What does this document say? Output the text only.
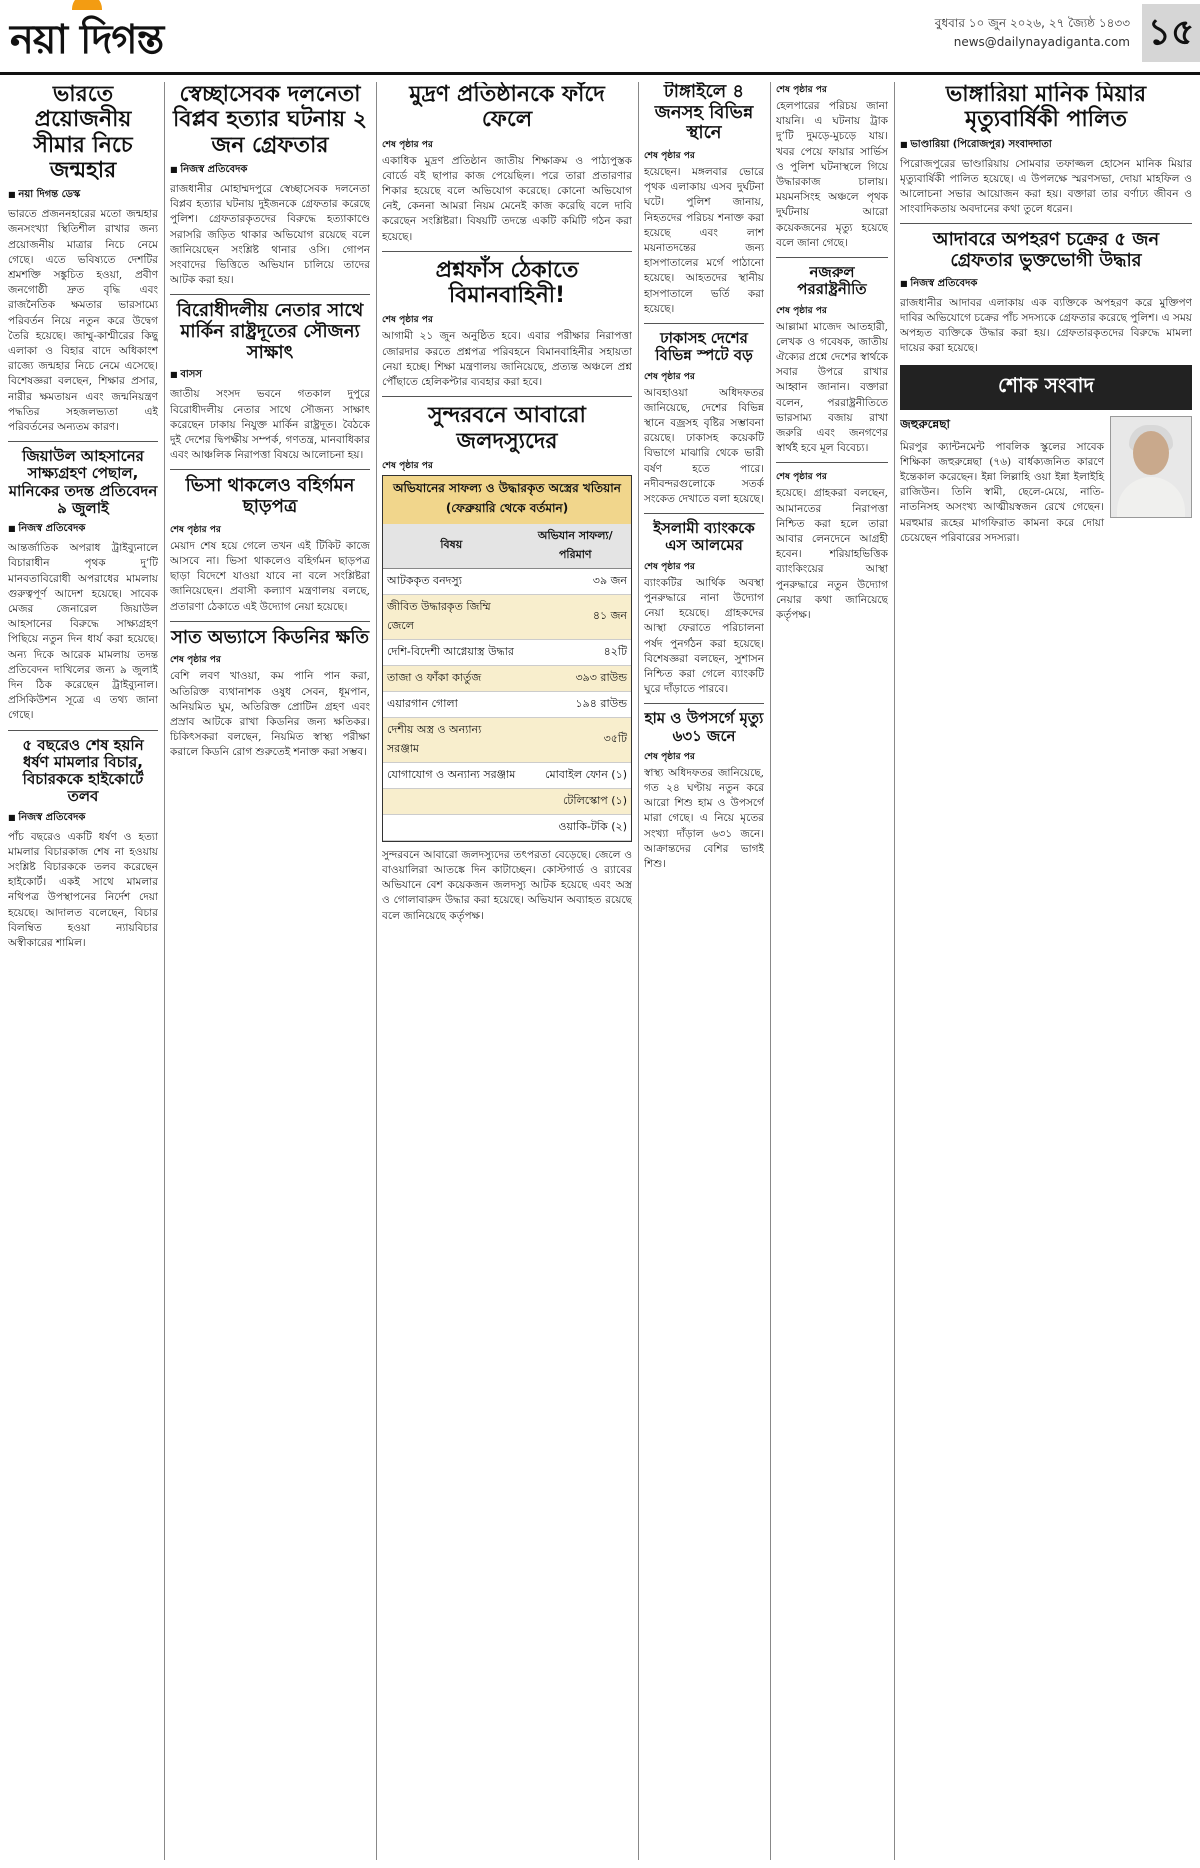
নয়া দিগন্ত	বুধবার ১০ জুন ২০২৬, ২৭ জ্যৈষ্ঠ ১৪৩৩
news@dailynayadiganta.com ১৫
ভারতে প্রয়োজনীয় সীমার নিচে জন্মহার
■ নয়া দিগন্ত ডেস্ক

ভারতে প্রজননহারের মতো জন্মহার জনসংখ্যা স্থিতিশীল রাখার জন্য প্রয়োজনীয় মাত্রার নিচে নেমে গেছে। এতে ভবিষ্যতে দেশটির শ্রমশক্তি সঙ্কুচিত হওয়া, প্রবীণ জনগোষ্ঠী দ্রুত বৃদ্ধি এবং রাজনৈতিক ক্ষমতার ভারসাম্যে পরিবর্তন নিয়ে নতুন করে উদ্বেগ তৈরি হয়েছে। জাম্মু-কাশ্মীরের কিছু এলাকা ও বিহার বাদে অধিকাংশ রাজ্যে জন্মহার নিচে নেমে এসেছে। বিশেষজ্ঞরা বলছেন, শিক্ষার প্রসার, নারীর ক্ষমতায়ন এবং জন্মনিয়ন্ত্রণ পদ্ধতির সহজলভ্যতা এই পরিবর্তনের অন্যতম কারণ।

জিয়াউল আহসানের সাক্ষ্যগ্রহণ পেছাল, মানিকের তদন্ত প্রতিবেদন ৯ জুলাই
■ নিজস্ব প্রতিবেদক

আন্তর্জাতিক অপরাধ ট্রাইব্যুনালে বিচারাধীন পৃথক দু’টি মানবতাবিরোধী অপরাধের মামলায় গুরুত্বপূর্ণ আদেশ হয়েছে। সাবেক মেজর জেনারেল জিয়াউল আহসানের বিরুদ্ধে সাক্ষ্যগ্রহণ পিছিয়ে নতুন দিন ধার্য করা হয়েছে। অন্য দিকে আরেক মামলায় তদন্ত প্রতিবেদন দাখিলের জন্য ৯ জুলাই দিন ঠিক করেছেন ট্রাইব্যুনাল। প্রসিকিউশন সূত্রে এ তথ্য জানা গেছে।

৫ বছরেও শেষ হয়নি ধর্ষণ মামলার বিচার, বিচারককে হাইকোর্টে তলব
■ নিজস্ব প্রতিবেদক

পাঁচ বছরেও একটি ধর্ষণ ও হত্যা মামলার বিচারকাজ শেষ না হওয়ায় সংশ্লিষ্ট বিচারককে তলব করেছেন হাইকোর্ট। একই সাথে মামলার নথিপত্র উপস্থাপনের নির্দেশ দেয়া হয়েছে। আদালত বলেছেন, বিচার বিলম্বিত হওয়া ন্যায়বিচার অস্বীকারের শামিল।

স্বেচ্ছাসেবক দলনেতা বিপ্লব হত্যার ঘটনায় ২ জন গ্রেফতার
■ নিজস্ব প্রতিবেদক

রাজধানীর মোহাম্মদপুরে স্বেচ্ছাসেবক দলনেতা বিপ্লব হত্যার ঘটনায় দুইজনকে গ্রেফতার করেছে পুলিশ। গ্রেফতারকৃতদের বিরুদ্ধে হত্যাকাণ্ডে সরাসরি জড়িত থাকার অভিযোগ রয়েছে বলে জানিয়েছেন সংশ্লিষ্ট থানার ওসি। গোপন সংবাদের ভিত্তিতে অভিযান চালিয়ে তাদের আটক করা হয়।

বিরোধীদলীয় নেতার সাথে মার্কিন রাষ্ট্রদূতের সৌজন্য সাক্ষাৎ
■ বাসস

জাতীয় সংসদ ভবনে গতকাল দুপুরে বিরোধীদলীয় নেতার সাথে সৌজন্য সাক্ষাৎ করেছেন ঢাকায় নিযুক্ত মার্কিন রাষ্ট্রদূত। বৈঠকে দুই দেশের দ্বিপক্ষীয় সম্পর্ক, গণতন্ত্র, মানবাধিকার এবং আঞ্চলিক নিরাপত্তা বিষয়ে আলোচনা হয়।

ভিসা থাকলেও বহির্গমন ছাড়পত্র
শেষ পৃষ্ঠার পর

মেয়াদ শেষ হয়ে গেলে তখন এই টিকিট কাজে আসবে না। ভিসা থাকলেও বহির্গমন ছাড়পত্র ছাড়া বিদেশে যাওয়া যাবে না বলে সংশ্লিষ্টরা জানিয়েছেন। প্রবাসী কল্যাণ মন্ত্রণালয় বলছে, প্রতারণা ঠেকাতে এই উদ্যোগ নেয়া হয়েছে।

সাত অভ্যাসে কিডনির ক্ষতি
শেষ পৃষ্ঠার পর

বেশি লবণ খাওয়া, কম পানি পান করা, অতিরিক্ত ব্যথানাশক ওষুধ সেবন, ধূমপান, অনিয়মিত ঘুম, অতিরিক্ত প্রোটিন গ্রহণ এবং প্রস্রাব আটকে রাখা কিডনির জন্য ক্ষতিকর। চিকিৎসকরা বলছেন, নিয়মিত স্বাস্থ্য পরীক্ষা করালে কিডনি রোগ শুরুতেই শনাক্ত করা সম্ভব।

মুদ্রণ প্রতিষ্ঠানকে ফাঁদে ফেলে
শেষ পৃষ্ঠার পর

একাধিক মুদ্রণ প্রতিষ্ঠান জাতীয় শিক্ষাক্রম ও পাঠ্যপুস্তক বোর্ডে বই ছাপার কাজ পেয়েছিল। পরে তারা প্রতারণার শিকার হয়েছে বলে অভিযোগ করেছে। কোনো অভিযোগ নেই, কেননা আমরা নিয়ম মেনেই কাজ করেছি বলে দাবি করেছেন সংশ্লিষ্টরা। বিষয়টি তদন্তে একটি কমিটি গঠন করা হয়েছে।

প্রশ্নফাঁস ঠেকাতে বিমানবাহিনী!
শেষ পৃষ্ঠার পর

আগামী ২১ জুন অনুষ্ঠিত হবে। এবার পরীক্ষার নিরাপত্তা জোরদার করতে প্রশ্নপত্র পরিবহনে বিমানবাহিনীর সহায়তা নেয়া হচ্ছে। শিক্ষা মন্ত্রণালয় জানিয়েছে, প্রত্যন্ত অঞ্চলে প্রশ্ন পৌঁছাতে হেলিকপ্টার ব্যবহার করা হবে।

সুন্দরবনে আবারো জলদস্যুদের
শেষ পৃষ্ঠার পর
অভিযানের সাফল্য ও উদ্ধারকৃত অস্ত্রের খতিয়ান (ফেব্রুয়ারি থেকে বর্তমান)
বিষয়	অভিযান সাফল্য/পরিমাণ
আটককৃত বনদস্যু	৩৯ জন
জীবিত উদ্ধারকৃত জিম্মি জেলে	৪১ জন
দেশি-বিদেশী আগ্নেয়াস্ত্র উদ্ধার	৪২টি
তাজা ও ফাঁকা কার্তুজ	৩৯৩ রাউন্ড
এয়ারগান গোলা	১৯৪ রাউন্ড
দেশীয় অস্ত্র ও অন্যান্য সরঞ্জাম	৩৫টি
যোগাযোগ ও অন্যান্য সরঞ্জাম	মোবাইল ফোন (১)
	টেলিস্কোপ (১)
	ওয়াকি-টকি (২)

সুন্দরবনে আবারো জলদস্যুদের তৎপরতা বেড়েছে। জেলে ও বাওয়ালিরা আতঙ্কে দিন কাটাচ্ছেন। কোস্টগার্ড ও র‌্যাবের অভিযানে বেশ কয়েকজন জলদস্যু আটক হয়েছে এবং অস্ত্র ও গোলাবারুদ উদ্ধার করা হয়েছে। অভিযান অব্যাহত রয়েছে বলে জানিয়েছে কর্তৃপক্ষ।

টাঙ্গাইলে ৪ জনসহ বিভিন্ন স্থানে
শেষ পৃষ্ঠার পর

হয়েছেন। মঙ্গলবার ভোরে পৃথক এলাকায় এসব দুর্ঘটনা ঘটে। পুলিশ জানায়, নিহতদের পরিচয় শনাক্ত করা হয়েছে এবং লাশ ময়নাতদন্তের জন্য হাসপাতালের মর্গে পাঠানো হয়েছে। আহতদের স্থানীয় হাসপাতালে ভর্তি করা হয়েছে।

ঢাকাসহ দেশের বিভিন্ন স্পটে বড়
শেষ পৃষ্ঠার পর

আবহাওয়া অধিদফতর জানিয়েছে, দেশের বিভিন্ন স্থানে বজ্রসহ বৃষ্টির সম্ভাবনা রয়েছে। ঢাকাসহ কয়েকটি বিভাগে মাঝারি থেকে ভারী বর্ষণ হতে পারে। নদীবন্দরগুলোকে সতর্ক সংকেত দেখাতে বলা হয়েছে।

ইসলামী ব্যাংককে এস আলমের
শেষ পৃষ্ঠার পর

ব্যাংকটির আর্থিক অবস্থা পুনরুদ্ধারে নানা উদ্যোগ নেয়া হয়েছে। গ্রাহকদের আস্থা ফেরাতে পরিচালনা পর্ষদ পুনর্গঠন করা হয়েছে। বিশেষজ্ঞরা বলছেন, সুশাসন নিশ্চিত করা গেলে ব্যাংকটি ঘুরে দাঁড়াতে পারবে।

হাম ও উপসর্গে মৃত্যু ৬৩১ জনে
শেষ পৃষ্ঠার পর

স্বাস্থ্য অধিদফতর জানিয়েছে, গত ২৪ ঘণ্টায় নতুন করে আরো শিশু হাম ও উপসর্গে মারা গেছে। এ নিয়ে মৃতের সংখ্যা দাঁড়াল ৬৩১ জনে। আক্রান্তদের বেশির ভাগই শিশু।

শেষ পৃষ্ঠার পর

হেলপারের পরিচয় জানা যায়নি। এ ঘটনায় ট্রাক দু’টি দুমড়ে-মুচড়ে যায়। খবর পেয়ে ফায়ার সার্ভিস ও পুলিশ ঘটনাস্থলে গিয়ে উদ্ধারকাজ চালায়। ময়মনসিংহ অঞ্চলে পৃথক দুর্ঘটনায় আরো কয়েকজনের মৃত্যু হয়েছে বলে জানা গেছে।

নজরুল পররাষ্ট্রনীতি
শেষ পৃষ্ঠার পর

আল্লামা মাজেদ আতহারী, লেখক ও গবেষক, জাতীয় ঐক্যের প্রশ্নে দেশের স্বার্থকে সবার উপরে রাখার আহ্বান জানান। বক্তারা বলেন, পররাষ্ট্রনীতিতে ভারসাম্য বজায় রাখা জরুরি এবং জনগণের স্বার্থই হবে মূল বিবেচ্য।

শেষ পৃষ্ঠার পর

হয়েছে। গ্রাহকরা বলছেন, আমানতের নিরাপত্তা নিশ্চিত করা হলে তারা আবার লেনদেনে আগ্রহী হবেন। শরিয়াহভিত্তিক ব্যাংকিংয়ের আস্থা পুনরুদ্ধারে নতুন উদ্যোগ নেয়ার কথা জানিয়েছে কর্তৃপক্ষ।

ভাঙ্গারিয়া মানিক মিয়ার মৃত্যুবার্ষিকী পালিত
■ ভাণ্ডারিয়া (পিরোজপুর) সংবাদদাতা

পিরোজপুরের ভাণ্ডারিয়ায় সোমবার তফাজ্জল হোসেন মানিক মিয়ার মৃত্যুবার্ষিকী পালিত হয়েছে। এ উপলক্ষে স্মরণসভা, দোয়া মাহফিল ও আলোচনা সভার আয়োজন করা হয়। বক্তারা তার বর্ণাঢ্য জীবন ও সাংবাদিকতায় অবদানের কথা তুলে ধরেন।

আদাবরে অপহরণ চক্রের ৫ জন গ্রেফতার ভুক্তভোগী উদ্ধার
■ নিজস্ব প্রতিবেদক

রাজধানীর আদাবর এলাকায় এক ব্যক্তিকে অপহরণ করে মুক্তিপণ দাবির অভিযোগে চক্রের পাঁচ সদস্যকে গ্রেফতার করেছে পুলিশ। এ সময় অপহৃত ব্যক্তিকে উদ্ধার করা হয়। গ্রেফতারকৃতদের বিরুদ্ধে মামলা দায়ের করা হয়েছে।

শোক সংবাদ
জহুরুন্নেছা

মিরপুর ক্যান্টনমেন্ট পাবলিক স্কুলের সাবেক শিক্ষিকা জহুরুন্নেছা (৭৬) বার্ধক্যজনিত কারণে ইন্তেকাল করেছেন। ইন্না লিল্লাহি ওয়া ইন্না ইলাইহি রাজিউন। তিনি স্বামী, ছেলে-মেয়ে, নাতি-নাতনিসহ অসংখ্য আত্মীয়স্বজন রেখে গেছেন। মরহুমার রূহের মাগফিরাত কামনা করে দোয়া চেয়েছেন পরিবারের সদস্যরা।
